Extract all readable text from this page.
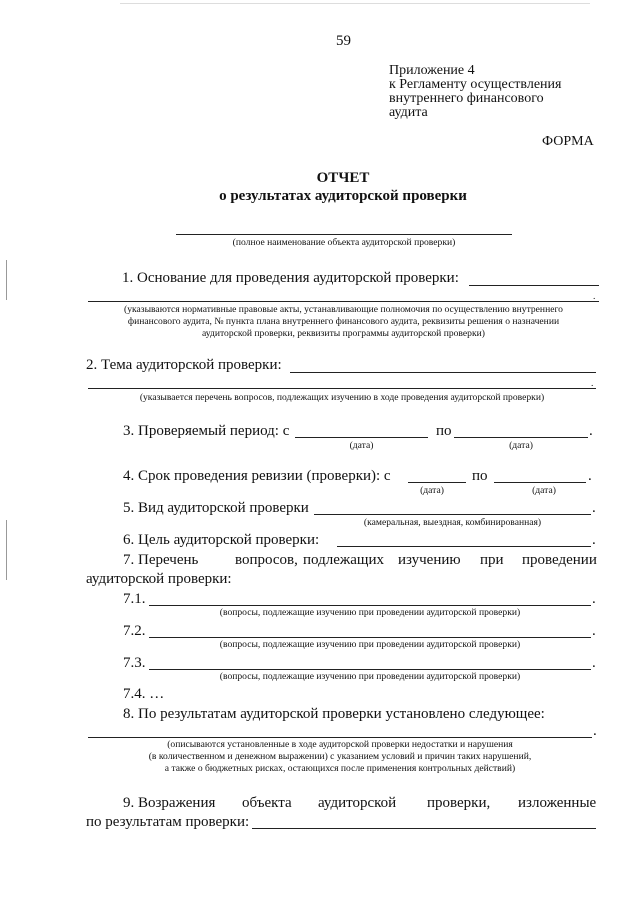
59
Приложение 4
к Регламенту осуществления
внутреннего финансового
аудита
ФОРМА
ОТЧЕТ
о результатах аудиторской проверки
(полное наименование объекта аудиторской проверки)
1. Основание для проведения аудиторской проверки:
.
(указываются нормативные правовые акты, устанавливающие полномочия по осуществлению внутреннего
финансового аудита, № пункта плана внутреннего финансового аудита, реквизиты решения о назначении
аудиторской проверки, реквизиты программы аудиторской проверки)
2. Тема аудиторской проверки:
.
(указывается перечень вопросов, подлежащих изучению в ходе проведения аудиторской проверки)
3. Проверяемый период: с	по	.
(дата)	(дата)
4. Срок проведения ревизии (проверки): с	по	.
(дата)	(дата)
5. Вид аудиторской проверки	.
(камеральная, выездная, комбинированная)
6. Цель аудиторской проверки:	.
7. Перечень вопросов, подлежащих изучению при проведении
аудиторской проверки:
7.1.	.
(вопросы, подлежащие изучению при проведении аудиторской проверки)
7.2.	.
(вопросы, подлежащие изучению при проведении аудиторской проверки)
7.3.	.
(вопросы, подлежащие изучению при проведении аудиторской проверки)
7.4. …
8. По результатам аудиторской проверки установлено следующее:
.
(описываются установленные в ходе аудиторской проверки недостатки и нарушения
(в количественном и денежном выражении) с указанием условий и причин таких нарушений,
а также о бюджетных рисках, остающихся после применения контрольных действий)
9. Возражения объекта аудиторской проверки, изложенные
по результатам проверки:
